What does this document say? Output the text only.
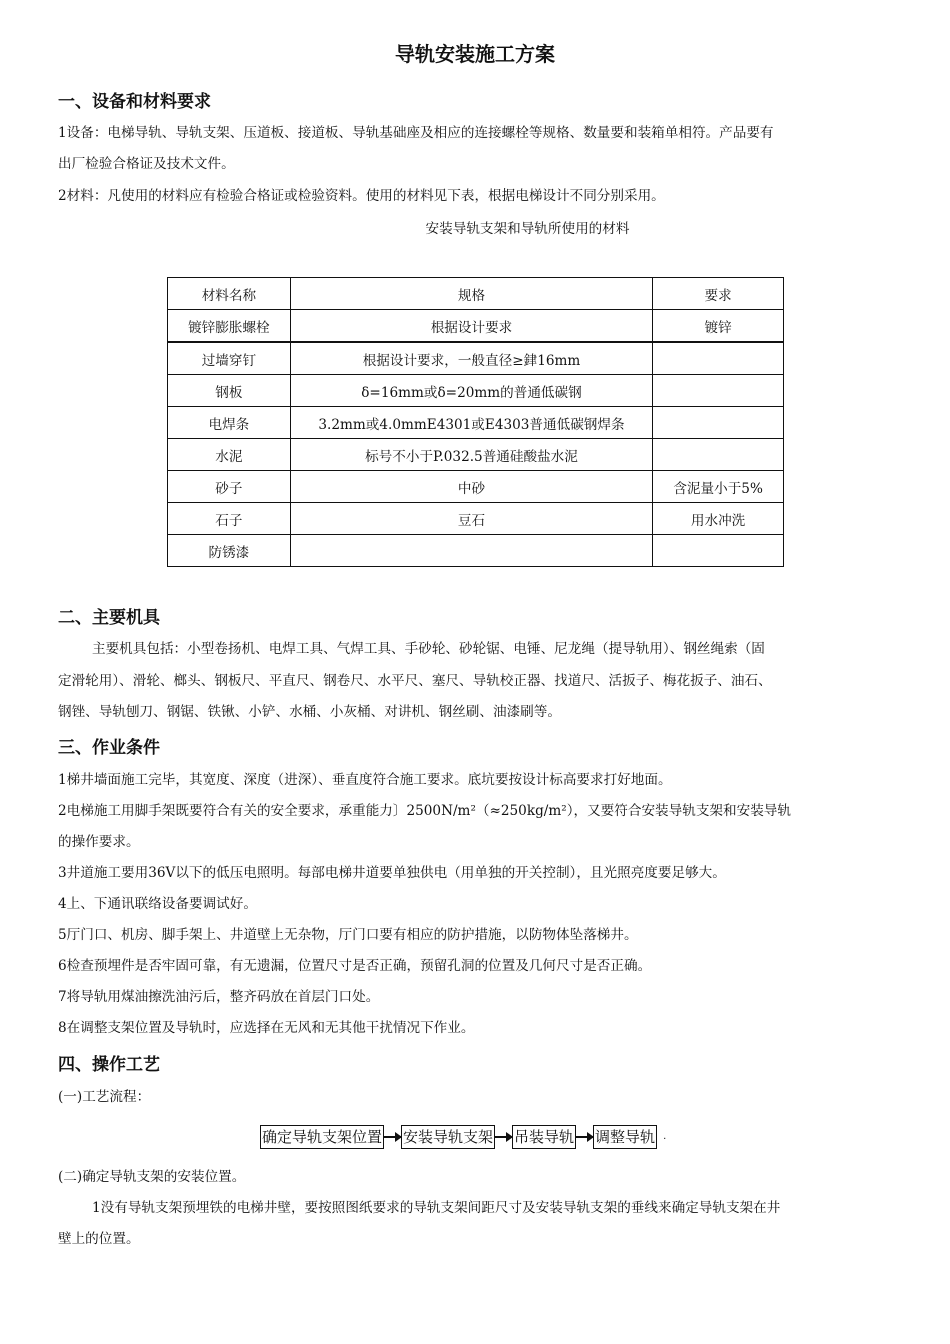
导轨安装施工方案
一、设备和材料要求
1设备：电梯导轨、导轨支架、压道板、接道板、导轨基础座及相应的连接螺栓等规格、数量要和装箱单相符。产品要有
出厂检验合格证及技术文件。
2材料：凡使用的材料应有检验合格证或检验资料。使用的材料见下表，根据电梯设计不同分别采用。
安装导轨支架和导轨所使用的材料
材料名称	规格	要求
镀锌膨胀螺栓	根据设计要求	镀锌
过墙穿钉	根据设计要求，一般直径≥銉16mm	
钢板	δ=16mm或δ=20mm的普通低碳钢	
电焊条	3.2mm或4.0mmE4301或E4303普通低碳钢焊条	
水泥	标号不小于P.032.5普通硅酸盐水泥	
砂子	中砂	含泥量小于5%
石子	豆石	用水冲洗
防锈漆		
二、主要机具
主要机具包括：小型卷扬机、电焊工具、气焊工具、手砂轮、砂轮锯、电锤、尼龙绳（提导轨用）、钢丝绳索（固
定滑轮用）、滑轮、榔头、钢板尺、平直尺、钢卷尺、水平尺、塞尺、导轨校正器、找道尺、活扳子、梅花扳子、油石、
钢锉、导轨刨刀、钢锯、铁锹、小铲、水桶、小灰桶、对讲机、钢丝刷、油漆刷等。
三、作业条件
1梯井墙面施工完毕，其宽度、深度（进深）、垂直度符合施工要求。底坑要按设计标高要求打好地面。
2电梯施工用脚手架既要符合有关的安全要求，承重能力〕2500N/m²（≈250kg/m²），又要符合安装导轨支架和安装导轨
的操作要求。
3井道施工要用36V以下的低压电照明。每部电梯井道要单独供电（用单独的开关控制），且光照亮度要足够大。
4上、下通讯联络设备要调试好。
5厅门口、机房、脚手架上、井道壁上无杂物，厅门口要有相应的防护措施，以防物体坠落梯井。
6检查预埋件是否牢固可靠，有无遗漏，位置尺寸是否正确，预留孔洞的位置及几何尺寸是否正确。
7将导轨用煤油擦洗油污后，整齐码放在首层门口处。
8在调整支架位置及导轨时，应选择在无风和无其他干扰情况下作业。
四、操作工艺
(一)工艺流程：
确定导轨支架位置 安装导轨支架 吊装导轨 调整导轨 .
(二)确定导轨支架的安装位置。
1没有导轨支架预埋铁的电梯井壁，要按照图纸要求的导轨支架间距尺寸及安装导轨支架的垂线来确定导轨支架在井
壁上的位置。
